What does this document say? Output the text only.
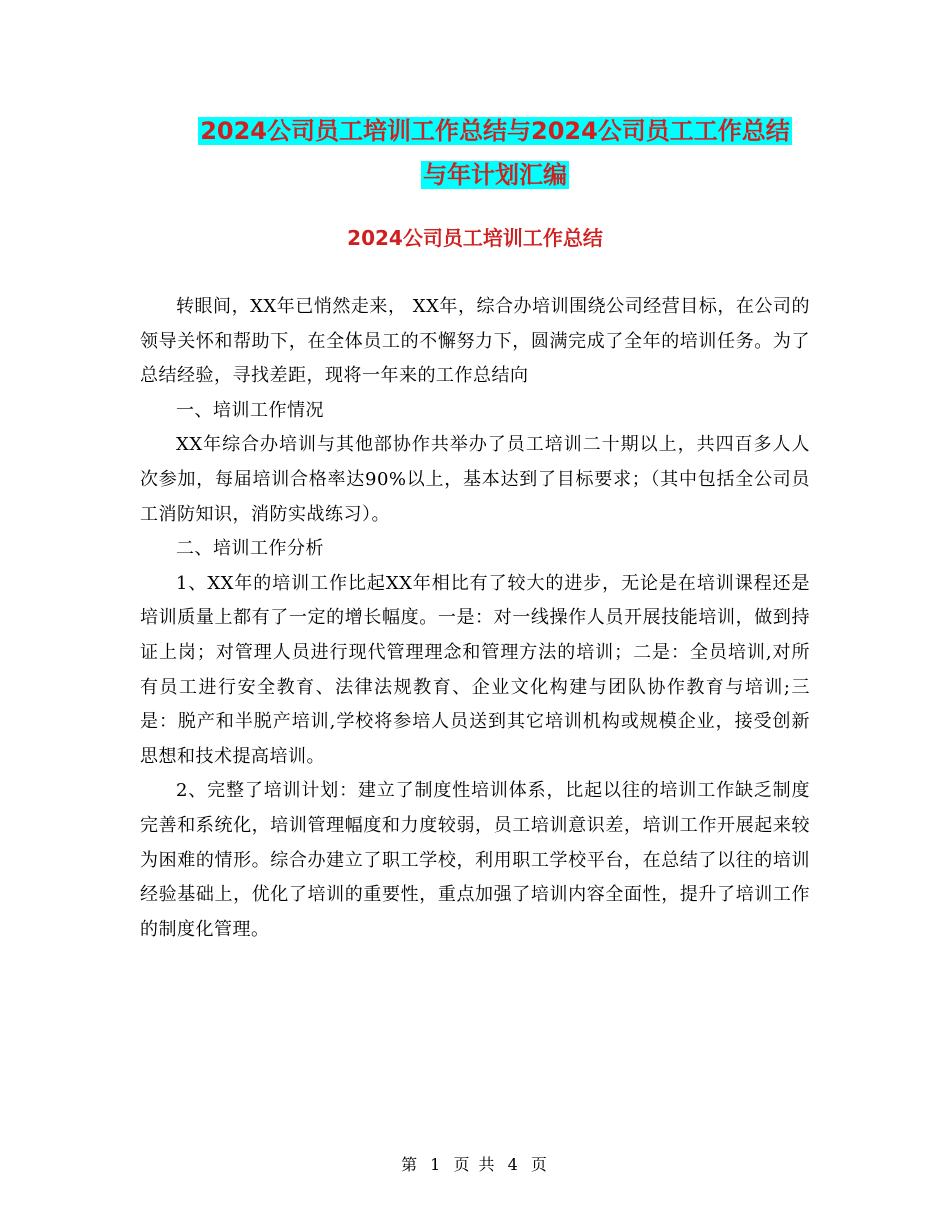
2024公司员工培训工作总结与2024公司员工工作总结
与年计划汇编
2024公司员工培训工作总结

转眼间，XX年已悄然走来， XX年，综合办培训围绕公司经营目标，在公司的领导关怀和帮助下，在全体员工的不懈努力下，圆满完成了全年的培训任务。为了总结经验，寻找差距，现将一年来的工作总结向

一、培训工作情况

XX年综合办培训与其他部协作共举办了员工培训二十期以上，共四百多人人次参加，每届培训合格率达90%以上，基本达到了目标要求；（其中包括全公司员工消防知识，消防实战练习）。

二、培训工作分析

1、XX年的培训工作比起XX年相比有了较大的进步，无论是在培训课程还是培训质量上都有了一定的增长幅度。一是：对一线操作人员开展技能培训，做到持证上岗；对管理人员进行现代管理理念和管理方法的培训；二是：全员培训,对所有员工进行安全教育、法律法规教育、企业文化构建与团队协作教育与培训;三是：脱产和半脱产培训,学校将参培人员送到其它培训机构或规模企业，接受创新思想和技术提高培训。

2、完整了培训计划：建立了制度性培训体系，比起以往的培训工作缺乏制度完善和系统化，培训管理幅度和力度较弱，员工培训意识差，培训工作开展起来较为困难的情形。综合办建立了职工学校，利用职工学校平台，在总结了以往的培训经验基础上，优化了培训的重要性，重点加强了培训内容全面性，提升了培训工作的制度化管理。

第 1 页 共 4 页
